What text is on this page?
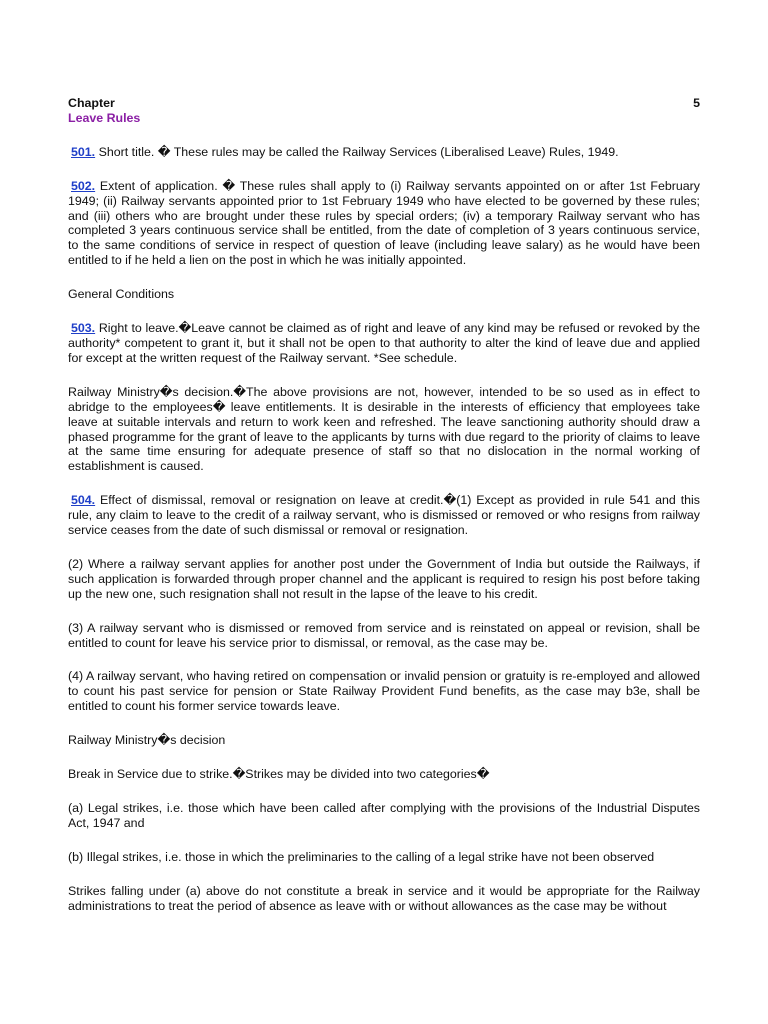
Chapter	5
Leave Rules

501. Short title. � These rules may be called the Railway Services (Liberalised Leave) Rules, 1949.

502. Extent of application. � These rules shall apply to (i) Railway servants appointed on or after 1st February 1949; (ii) Railway servants appointed prior to 1st February 1949 who have elected to be governed by these rules; and (iii) others who are brought under these rules by special orders; (iv) a temporary Railway servant who has completed 3 years continuous service shall be entitled, from the date of completion of 3 years continuous service, to the same conditions of service in respect of question of leave (including leave salary) as he would have been entitled to if he held a lien on the post in which he was initially appointed.

General Conditions

503. Right to leave.�Leave cannot be claimed as of right and leave of any kind may be refused or revoked by the authority* competent to grant it, but it shall not be open to that authority to alter the kind of leave due and applied for except at the written request of the Railway servant. *See schedule.

Railway Ministry�s decision.�The above provisions are not, however, intended to be so used as in effect to abridge to the employees� leave entitlements. It is desirable in the interests of efficiency that employees take leave at suitable intervals and return to work keen and refreshed. The leave sanctioning authority should draw a phased programme for the grant of leave to the applicants by turns with due regard to the priority of claims to leave at the same time ensuring for adequate presence of staff so that no dislocation in the normal working of establishment is caused.

504. Effect of dismissal, removal or resignation on leave at credit.�(1) Except as provided in rule 541 and this rule, any claim to leave to the credit of a railway servant, who is dismissed or removed or who resigns from railway service ceases from the date of such dismissal or removal or resignation.

(2) Where a railway servant applies for another post under the Government of India but outside the Railways, if such application is forwarded through proper channel and the applicant is required to resign his post before taking up the new one, such resignation shall not result in the lapse of the leave to his credit.

(3) A railway servant who is dismissed or removed from service and is reinstated on appeal or revision, shall be entitled to count for leave his service prior to dismissal, or removal, as the case may be.

(4) A railway servant, who having retired on compensation or invalid pension or gratuity is re-employed and allowed to count his past service for pension or State Railway Provident Fund benefits, as the case may b3e, shall be entitled to count his former service towards leave.

Railway Ministry�s decision

Break in Service due to strike.�Strikes may be divided into two categories�

(a) Legal strikes, i.e. those which have been called after complying with the provisions of the Industrial Disputes Act, 1947 and

(b) Illegal strikes, i.e. those in which the preliminaries to the calling of a legal strike have not been observed

Strikes falling under (a) above do not constitute a break in service and it would be appropriate for the Railway administrations to treat the period of absence as leave with or without allowances as the case may be without
